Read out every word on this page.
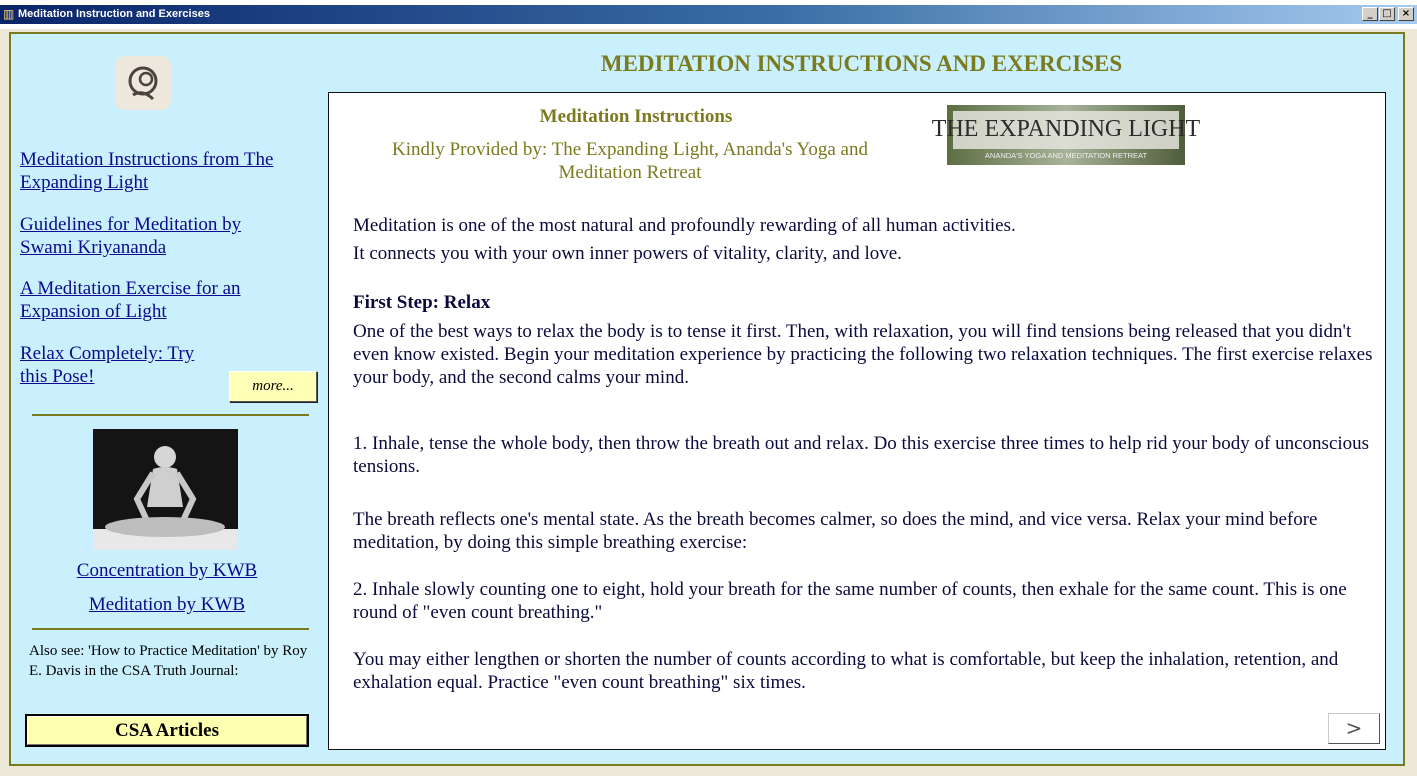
▥ Meditation Instruction and Exercises	_ □	×
Meditation Instructions from The Expanding Light
Guidelines for Meditation by Swami Kriyananda
A Meditation Exercise for an Expansion of Light
Relax Completely: Try this Pose!	more...
Concentration by KWB
Meditation by KWB
Also see: 'How to Practice Meditation' by Roy E. Davis in the CSA Truth Journal:
CSA Articles
MEDITATION INSTRUCTIONS AND EXERCISES
Meditation Instructions
Kindly Provided by: The Expanding Light, Ananda's Yoga and Meditation Retreat
THE EXPANDING LIGHT
ANANDA'S YOGA AND MEDITATION RETREAT
Meditation is one of the most natural and profoundly rewarding of all human activities.
It connects you with your own inner powers of vitality, clarity, and love.
First Step: Relax
One of the best ways to relax the body is to tense it first. Then, with relaxation, you will find tensions being released that you didn't even know existed. Begin your meditation experience by practicing the following two relaxation techniques. The first exercise relaxes your body, and the second calms your mind.
1. Inhale, tense the whole body, then throw the breath out and relax. Do this exercise three times to help rid your body of unconscious tensions.
The breath reflects one's mental state. As the breath becomes calmer, so does the mind, and vice versa. Relax your mind before meditation, by doing this simple breathing exercise:
2. Inhale slowly counting one to eight, hold your breath for the same number of counts, then exhale for the same count. This is one round of "even count breathing."
You may either lengthen or shorten the number of counts according to what is comfortable, but keep the inhalation, retention, and exhalation equal. Practice "even count breathing" six times.
>
